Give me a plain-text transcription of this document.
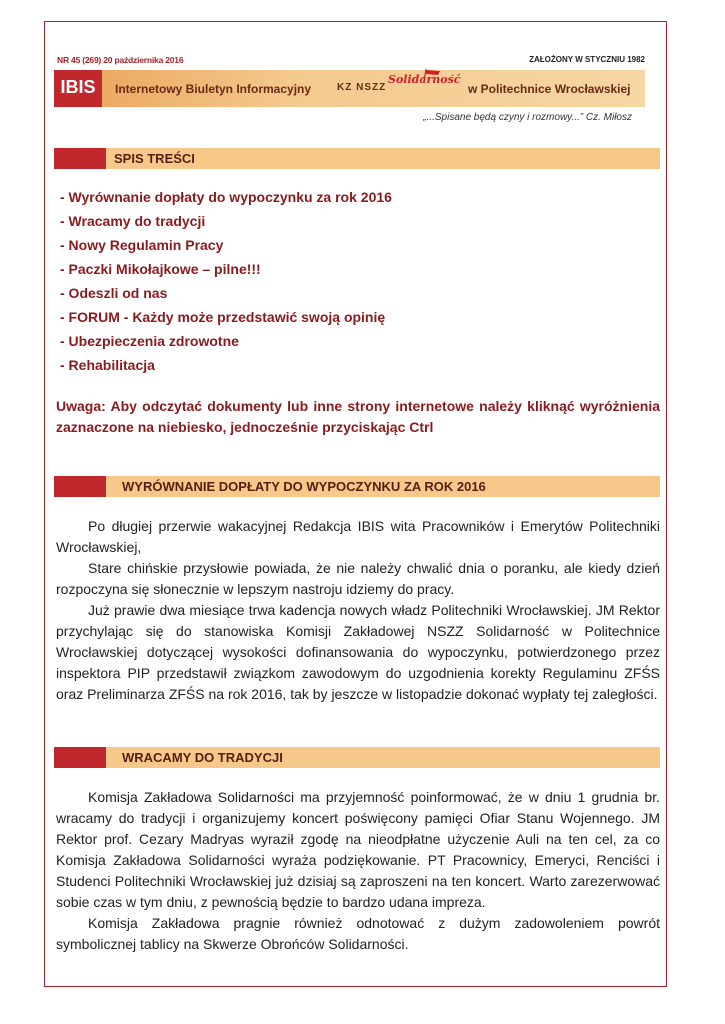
NR 45 (269) 20 października 2016	ZAŁOŻONY W STYCZNIU 1982
IBIS	Internetowy Biuletyn Informacyjny	KZ NSZZ
Solidarność
w Politechnice Wrocławskiej
„...Spisane będą czyny i rozmowy...” Cz. Miłosz
SPIS TREŚCI
- Wyrównanie dopłaty do wypoczynku za rok 2016
- Wracamy do tradycji
- Nowy Regulamin Pracy
- Paczki Mikołajkowe – pilne!!!
- Odeszli od nas
- FORUM - Każdy może przedstawić swoją opinię
- Ubezpieczenia zdrowotne
- Rehabilitacja
Uwaga: Aby odczytać dokumenty lub inne strony internetowe należy kliknąć wyróżnienia zaznaczone na niebiesko, jednocześnie przyciskając Ctrl
WYRÓWNANIE DOPŁATY DO WYPOCZYNKU ZA ROK 2016

Po długiej przerwie wakacyjnej Redakcja IBIS wita Pracowników i Emerytów Politechniki Wrocławskiej,

Stare chińskie przysłowie powiada, że nie należy chwalić dnia o poranku, ale kiedy dzień rozpoczyna się słonecznie w lepszym nastroju idziemy do pracy.

Już prawie dwa miesiące trwa kadencja nowych władz Politechniki Wrocławskiej. JM Rektor przychylając się do stanowiska Komisji Zakładowej NSZZ Solidarność w Politechnice Wrocławskiej dotyczącej wysokości dofinansowania do wypoczynku, potwierdzonego przez inspektora PIP przedstawił związkom zawodowym do uzgodnienia korekty Regulaminu ZFŚS oraz Preliminarza ZFŚS na rok 2016, tak by jeszcze w listopadzie dokonać wypłaty tej zaległości.

WRACAMY DO TRADYCJI

Komisja Zakładowa Solidarności ma przyjemność poinformować, że w dniu 1 grudnia br. wracamy do tradycji i organizujemy koncert poświęcony pamięci Ofiar Stanu Wojennego. JM Rektor prof. Cezary Madryas wyraził zgodę na nieodpłatne użyczenie Auli na ten cel, za co Komisja Zakładowa Solidarności wyraża podziękowanie. PT Pracownicy, Emeryci, Renciści i Studenci Politechniki Wrocławskiej już dzisiaj są zaproszeni na ten koncert. Warto zarezerwować sobie czas w tym dniu, z pewnością będzie to bardzo udana impreza.

Komisja Zakładowa pragnie również odnotować z dużym zadowoleniem powrót symbolicznej tablicy na Skwerze Obrońców Solidarności.
